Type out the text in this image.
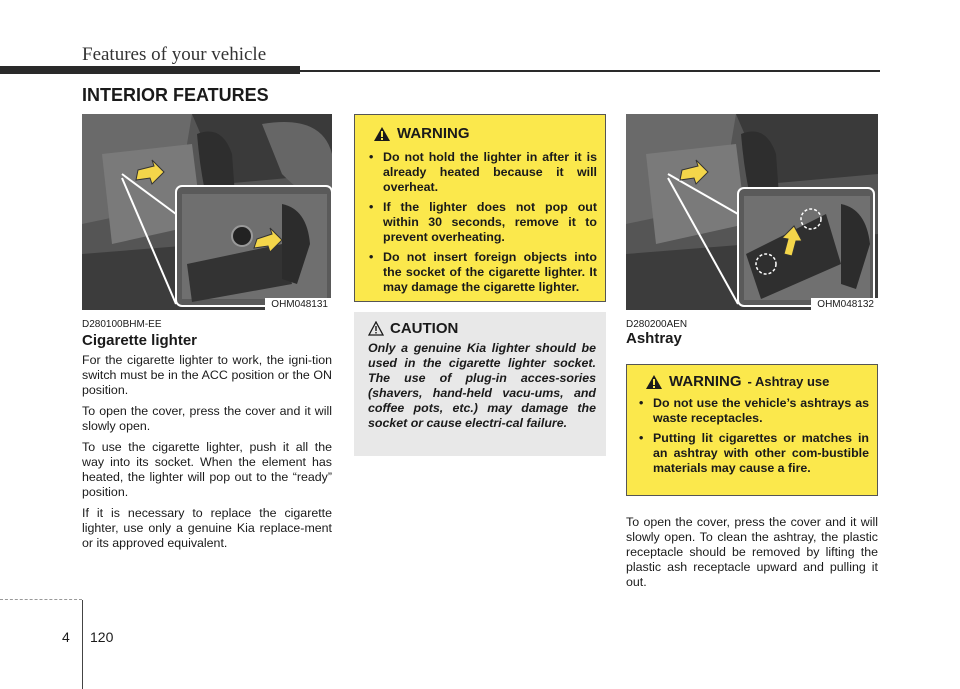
Features of your vehicle
INTERIOR FEATURES
OHM048131
D280100BHM-EE
Cigarette lighter

For the cigarette lighter to work, the igni-tion switch must be in the ACC position or the ON position.

To open the cover, press the cover and it will slowly open.

To use the cigarette lighter, push it all the way into its socket. When the element has heated, the lighter will pop out to the “ready” position.

If it is necessary to replace the cigarette lighter, use only a genuine Kia replace-ment or its approved equivalent.

WARNING
• Do not hold the lighter in after it is already heated because it will overheat.
• If the lighter does not pop out within 30 seconds, remove it to prevent overheating.
• Do not insert foreign objects into the socket of the cigarette lighter. It may damage the cigarette lighter.
CAUTION
Only a genuine Kia lighter should be used in the cigarette lighter socket. The use of plug-in acces-sories (shavers, hand-held vacu-ums, and coffee pots, etc.) may damage the socket or cause electri-cal failure.
OHM048132
D280200AEN
Ashtray
WARNING - Ashtray use
• Do not use the vehicle’s ashtrays as waste receptacles.
• Putting lit cigarettes or matches in an ashtray with other com-bustible materials may cause a fire.

To open the cover, press the cover and it will slowly open. To clean the ashtray, the plastic receptacle should be removed by lifting the plastic ash receptacle upward and pulling it out.

4 120
